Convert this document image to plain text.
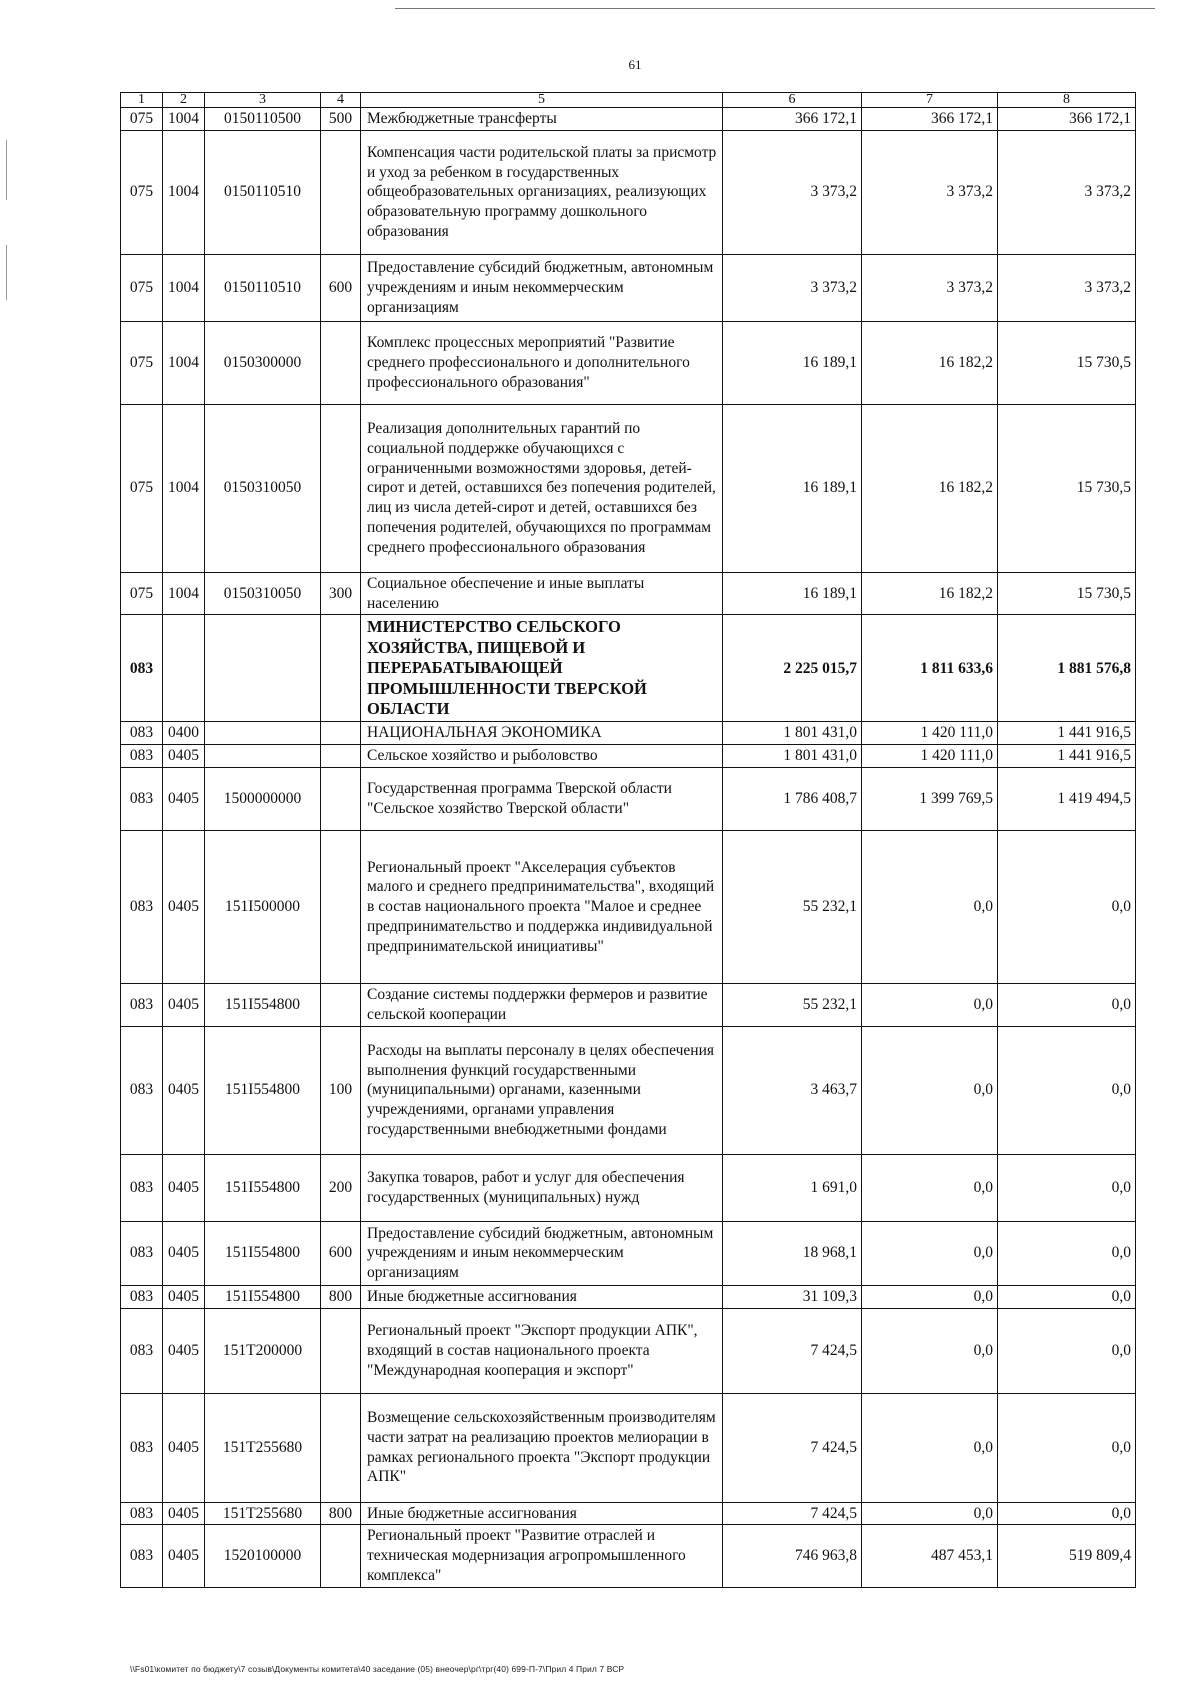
61
1	2	3	4	5	6	7	8
075	1004	0150110500	500	Межбюджетные трансферты	366 172,1	366 172,1	366 172,1
075	1004	0150110510		Компенсация части родительской платы за присмотр и уход за ребенком в государственных общеобразовательных организациях, реализующих образовательную программу дошкольного образования	3 373,2	3 373,2	3 373,2
075	1004	0150110510	600	Предоставление субсидий бюджетным, автономным учреждениям и иным некоммерческим организациям	3 373,2	3 373,2	3 373,2
075	1004	0150300000		Комплекс процессных мероприятий "Развитие среднего профессионального и дополнительного профессионального образования"	16 189,1	16 182,2	15 730,5
075	1004	0150310050		Реализация дополнительных гарантий по социальной поддержке обучающихся с ограниченными возможностями здоровья, детей-сирот и детей, оставшихся без попечения родителей, лиц из числа детей-сирот и детей, оставшихся без попечения родителей, обучающихся по программам среднего профессионального образования	16 189,1	16 182,2	15 730,5
075	1004	0150310050	300	Социальное обеспечение и иные выплаты населению	16 189,1	16 182,2	15 730,5
083				МИНИСТЕРСТВО СЕЛЬСКОГО ХОЗЯЙСТВА, ПИЩЕВОЙ И ПЕРЕРАБАТЫВАЮЩЕЙ ПРОМЫШЛЕННОСТИ ТВЕРСКОЙ ОБЛАСТИ	2 225 015,7	1 811 633,6	1 881 576,8
083	0400			НАЦИОНАЛЬНАЯ ЭКОНОМИКА	1 801 431,0	1 420 111,0	1 441 916,5
083	0405			Сельское хозяйство и рыболовство	1 801 431,0	1 420 111,0	1 441 916,5
083	0405	1500000000		Государственная программа Тверской области "Сельское хозяйство Тверской области"	1 786 408,7	1 399 769,5	1 419 494,5
083	0405	151I500000		Региональный проект "Акселерация субъектов малого и среднего предпринимательства", входящий в состав национального проекта "Малое и среднее предпринимательство и поддержка индивидуальной предпринимательской инициативы"	55 232,1	0,0	0,0
083	0405	151I554800		Создание системы поддержки фермеров и развитие сельской кооперации	55 232,1	0,0	0,0
083	0405	151I554800	100	Расходы на выплаты персоналу в целях обеспечения выполнения функций государственными (муниципальными) органами, казенными учреждениями, органами управления государственными внебюджетными фондами	3 463,7	0,0	0,0
083	0405	151I554800	200	Закупка товаров, работ и услуг для обеспечения государственных (муниципальных) нужд	1 691,0	0,0	0,0
083	0405	151I554800	600	Предоставление субсидий бюджетным, автономным учреждениям и иным некоммерческим организациям	18 968,1	0,0	0,0
083	0405	151I554800	800	Иные бюджетные ассигнования	31 109,3	0,0	0,0
083	0405	151T200000		Региональный проект "Экспорт продукции АПК", входящий в состав национального проекта "Международная кооперация и экспорт"	7 424,5	0,0	0,0
083	0405	151T255680		Возмещение сельскохозяйственным производителям части затрат на реализацию проектов мелиорации в рамках регионального проекта "Экспорт продукции АПК"	7 424,5	0,0	0,0
083	0405	151T255680	800	Иные бюджетные ассигнования	7 424,5	0,0	0,0
083	0405	1520100000		Региональный проект "Развитие отраслей и техническая модернизация агропромышленного комплекса"	746 963,8	487 453,1	519 809,4
\\Fs01\комитет по бюджету\7 созыв\Документы комитета\40 заседание (05) внеочер\рг\трг(40) 699-П-7\Прил 4 Прил 7 ВСР
